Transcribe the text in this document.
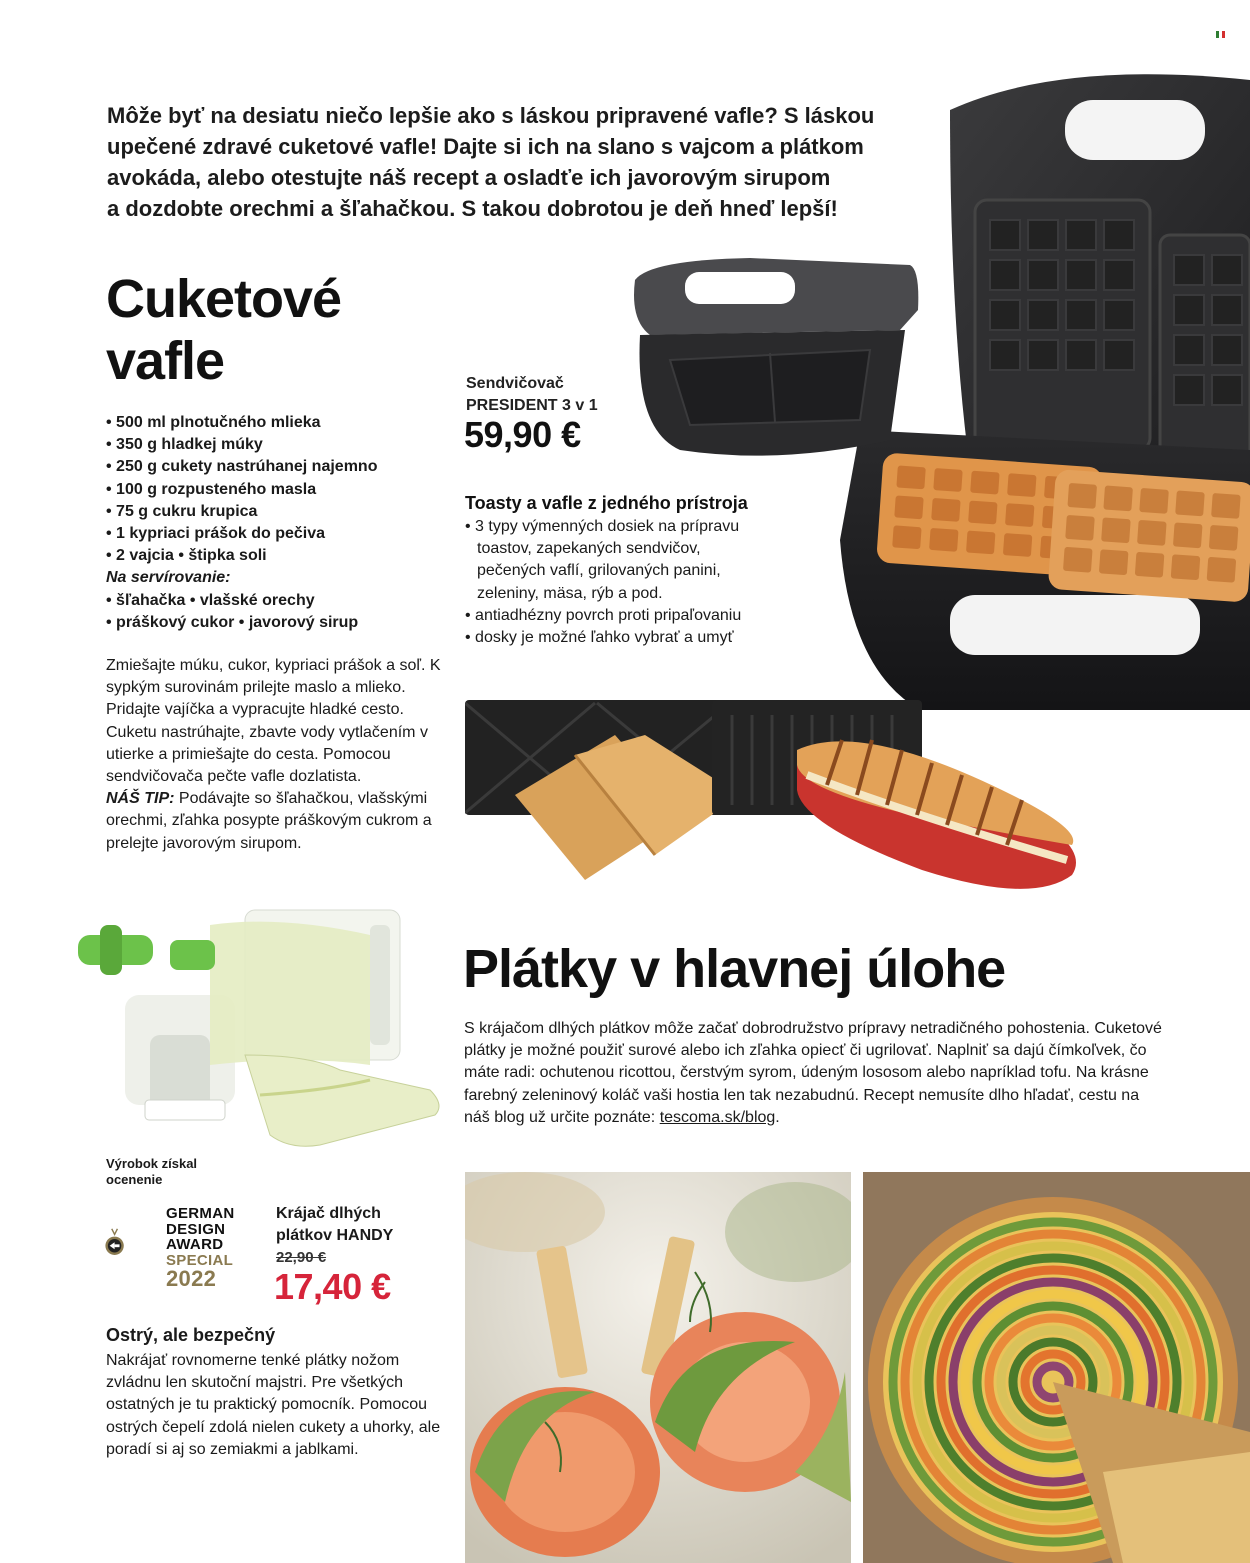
Môže byť na desiatu niečo lepšie ako s láskou pripravené vafle? S láskou

upečené zdravé cuketové vafle! Dajte si ich na slano s vajcom a plátkom

avokáda, alebo otestujte náš recept a osladťe ich javorovým sirupom

a dozdobte orechmi a šľahačkou. S takou dobrotou je deň hneď lepší!

Cuketové
vafle	Sendvičovač
PRESIDENT 3 v 1
59,90 €
• 500 ml plnotučného mlieka
• 350 g hladkej múky
• 250 g cukety nastrúhanej najemno
• 100 g rozpusteného masla
• 75 g cukru krupica
• 1 kypriaci prášok do pečiva
• 2 vajcia • štipka soli
Na servírovanie:
• šľahačka • vlašské orechy
• práškový cukor • javorový sirup
Toasty a vafle z jedného prístroja
• 3 typy výmenných dosiek na prípravu
toastov, zapekaných sendvičov,
pečených vaflí, grilovaných panini,
zeleniny, mäsa, rýb a pod.
• antiadhézny povrch proti pripaľovaniu
• dosky je možné ľahko vybrať a umyť
Zmiešajte múku, cukor, kypriaci prášok a soľ. K sypkým surovinám prilejte maslo a mlieko. Pridajte vajíčka a vypracujte hladké cesto. Cuketu nastrúhajte, zbavte vody vytlačením v utierke a primiešajte do cesta. Pomocou sendvičovača pečte vafle dozlatista.
NÁŠ TIP: Podávajte so šľahačkou, vlašskými orechmi, zľahka posypte práškovým cukrom a prelejte javorovým sirupom.
Plátky v hlavnej úlohe
S krájačom dlhých plátkov môže začať dobrodružstvo prípravy netradičného pohostenia. Cuketové plátky je možné použiť surové alebo ich zľahka opieсť či ugrilovať. Naplniť sa dajú čímkoľvek, čo máte radi: ochutenou ricottou, čerstvým syrom, údeným lososom alebo napríklad tofu. Na krásne farebný zeleninový koláč vaši hostia len tak nezabudnú. Recept nemusíte dlho hľadať, cestu na náš blog už určite poznáte: tescoma.sk/blog.
Výrobok získal
ocenenie
GERMAN
DESIGN
AWARD
SPECIAL
2022
Krájač dlhých
plátkov HANDY
22,90 €
17,40 €
Ostrý, ale bezpečný
Nakrájať rovnomerne tenké plátky nožom zvládnu len skutoční majstri. Pre všetkých ostatných je tu praktický pomocník. Pomocou ostrých čepelí zdolá nielen cukety a uhorky, ale poradí si aj so zemiakmi a jablkami.
